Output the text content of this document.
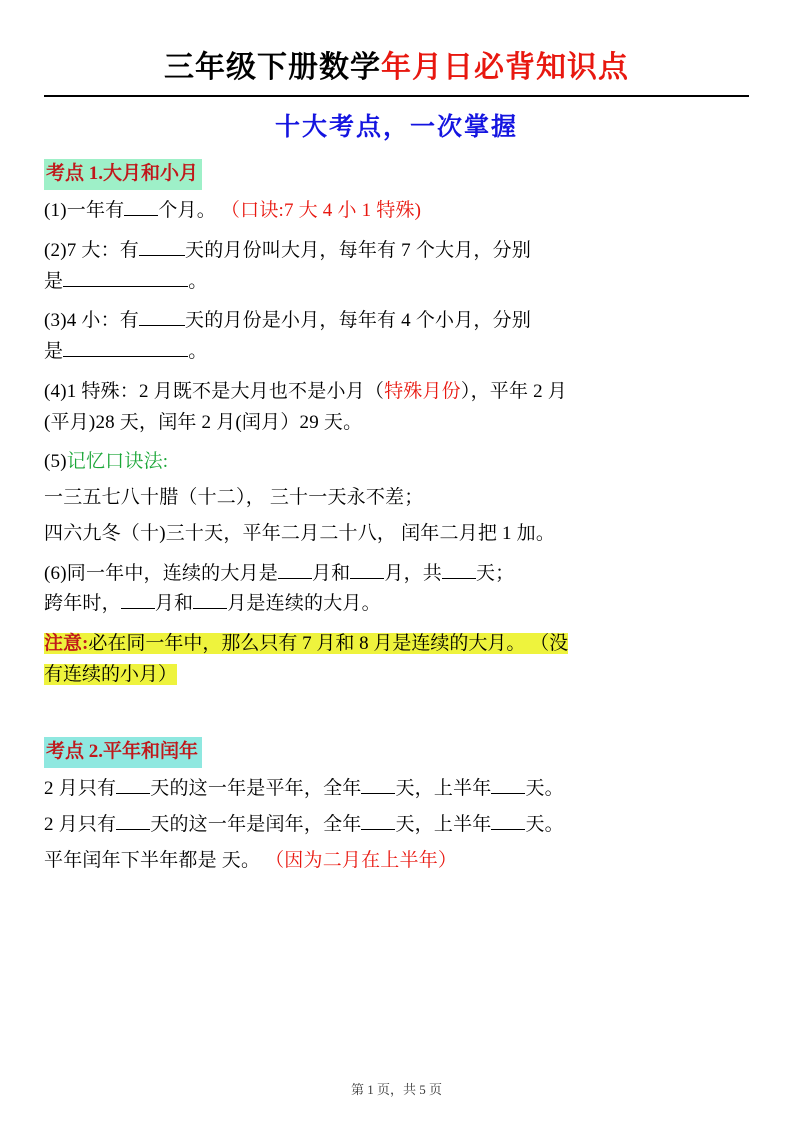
三年级下册数学年月日必背知识点
十大考点，一次掌握
考点 1.大月和小月

(1)一年有 个月。 （口诀:7 大 4 小 1 特殊)

(2)7 大：有 天的月份叫大月，每年有 7 个大月，分别
是	。

(3)4 小：有 天的月份是小月，每年有 4 个小月，分别
是	。

(4)1 特殊：2 月既不是大月也不是小月（特殊月份），平年 2 月
(平月)28 天，闰年 2 月(闰月）29 天。

(5)记忆口诀法:

一三五七八十腊（十二）， 三十一天永不差；

四六九冬（十)三十天，平年二月二十八， 闰年二月把 1 加。

(6)同一年中，连续的大月是 月和 月，共 天；
跨年时， 月和 月是连续的大月。

注意:必在同一年中，那么只有 7 月和 8 月是连续的大月。 （没
有连续的小月）
考点 2.平年和闰年

2 月只有 天的这一年是平年，全年 天，上半年 天。

2 月只有 天的这一年是闰年，全年 天，上半年 天。

平年闰年下半年都是 天。 （因为二月在上半年）

第 1 页，共 5 页
